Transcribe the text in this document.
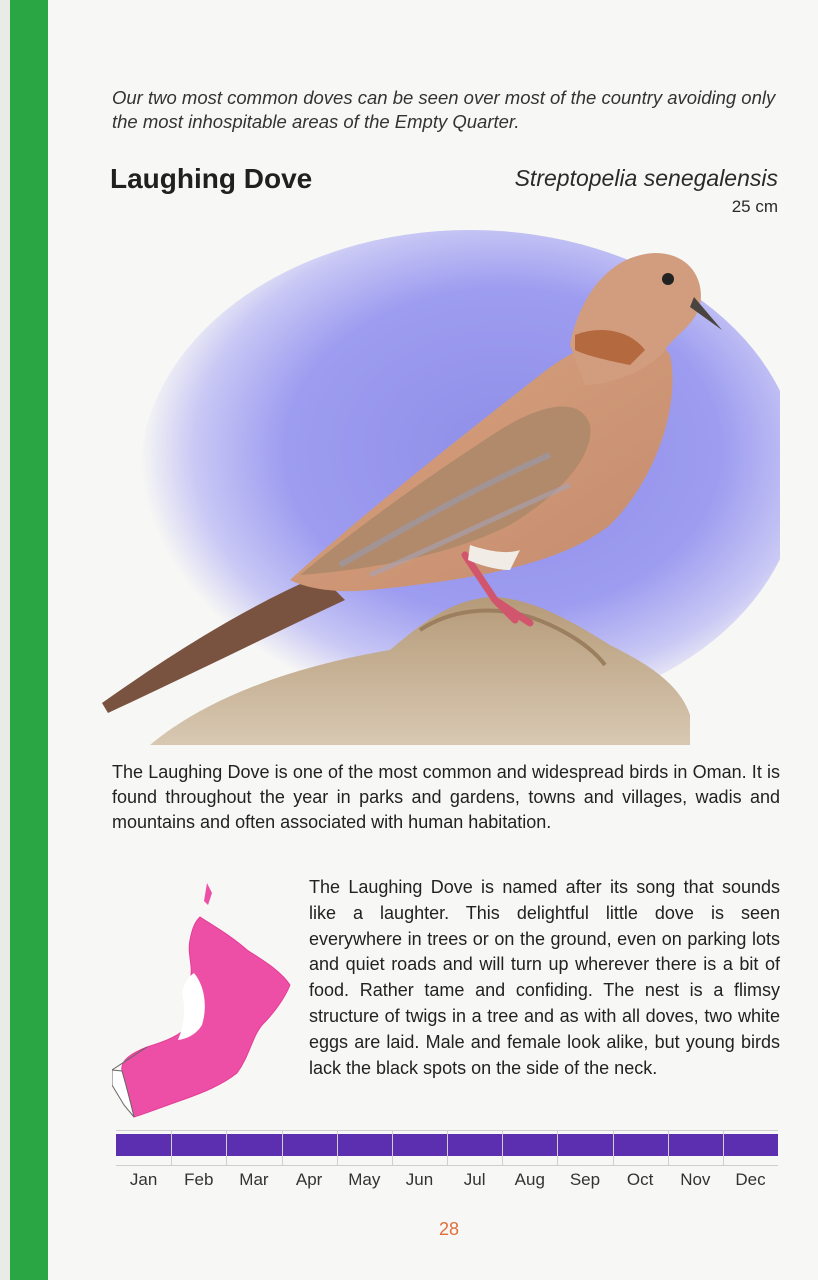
Our two most common doves can be seen over most of the country avoiding only the most inhospitable areas of the Empty Quarter.
Laughing Dove	Streptopelia senegalensis
25 cm
The Laughing Dove is one of the most common and widespread birds in Oman. It is found throughout the year in parks and gardens, towns and villages, wadis and mountains and often associated with human habitation.
The Laughing Dove is named after its song that sounds like a laughter. This delightful little dove is seen everywhere in trees or on the ground, even on parking lots and quiet roads and will turn up wherever there is a bit of food. Rather tame and confiding. The nest is a flimsy structure of twigs in a tree and as with all doves, two white eggs are laid. Male and female look alike, but young birds lack the black spots on the side of the neck.
Jan	Feb	Mar	Apr	May	Jun	Jul	Aug	Sep	Oct	Nov	Dec
28
